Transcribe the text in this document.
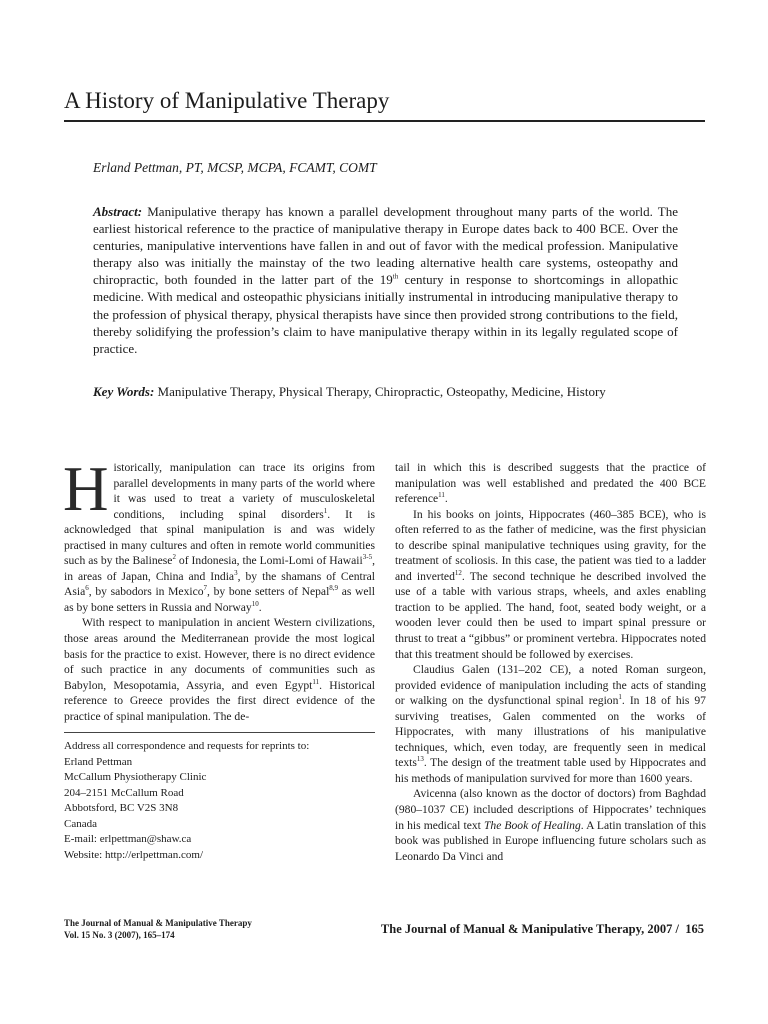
A History of Manipulative Therapy
Erland Pettman, PT, MCSP, MCPA, FCAMT, COMT

Abstract: Manipulative therapy has known a parallel development throughout many parts of the world. The earliest historical reference to the practice of manipulative therapy in Europe dates back to 400 BCE. Over the centuries, manipulative interventions have fallen in and out of favor with the medical profession. Manipulative therapy also was initially the mainstay of the two leading alternative health care systems, osteopathy and chiropractic, both founded in the latter part of the 19th century in response to shortcomings in allopathic medicine. With medical and osteopathic physicians initially instrumental in introducing manipulative therapy to the profession of physical therapy, physical therapists have since then provided strong contributions to the field, thereby solidifying the profession’s claim to have manipulative therapy within in its legally regulated scope of practice.

Key Words: Manipulative Therapy, Physical Therapy, Chiropractic, Osteopathy, Medicine, History

Historically, manipulation can trace its origins from parallel developments in many parts of the world where it was used to treat a variety of musculoskeletal conditions, including spinal disorders$^1$. It is acknowledged that spinal manipulation is and was widely practised in many cultures and often in remote world communities such as by the Balinese$^2$ of Indonesia, the Lomi-Lomi of Hawaii$^{3-5}$, in areas of Japan, China and India$^3$, by the shamans of Central Asia$^6$, by sabodors in Mexico$^7$, by bone setters of Nepal$^{8,9}$ as well as by bone setters in Russia and Norway$^{10}$.

With respect to manipulation in ancient Western civilizations, those areas around the Mediterranean provide the most logical basis for the practice to exist. However, there is no direct evidence of such practice in any documents of communities such as Babylon, Mesopotamia, Assyria, and even Egypt$^{11}$. Historical reference to Greece provides the first direct evidence of the practice of spinal manipulation. The de-

Address all correspondence and requests for reprints to:
Erland Pettman
McCallum Physiotherapy Clinic
204–2151 McCallum Road
Abbotsford, BC V2S 3N8
Canada
E-mail: erlpettman@shaw.ca
Website: http://erlpettman.com/

tail in which this is described suggests that the practice of manipulation was well established and predated the 400 BCE reference$^{11}$.

In his books on joints, Hippocrates (460–385 BCE), who is often referred to as the father of medicine, was the first physician to describe spinal manipulative techniques using gravity, for the treatment of scoliosis. In this case, the patient was tied to a ladder and inverted$^{12}$. The second technique he described involved the use of a table with various straps, wheels, and axles enabling traction to be applied. The hand, foot, seated body weight, or a wooden lever could then be used to impart spinal pressure or thrust to treat a “gibbus” or prominent vertebra. Hippocrates noted that this treatment should be followed by exercises.

Claudius Galen (131–202 CE), a noted Roman surgeon, provided evidence of manipulation including the acts of standing or walking on the dysfunctional spinal region$^1$. In 18 of his 97 surviving treatises, Galen commented on the works of Hippocrates, with many illustrations of his manipulative techniques, which, even today, are frequently seen in medical texts$^{13}$. The design of the treatment table used by Hippocrates and his methods of manipulation survived for more than 1600 years.

Avicenna (also known as the doctor of doctors) from Baghdad (980–1037 CE) included descriptions of Hippocrates’ techniques in his medical text The Book of Healing. A Latin translation of this book was published in Europe influencing future scholars such as Leonardo Da Vinci and

The Journal of Manual & Manipulative Therapy
Vol. 15 No. 3 (2007), 165–174	The Journal of Manual & Manipulative Therapy, 2007 / 165
